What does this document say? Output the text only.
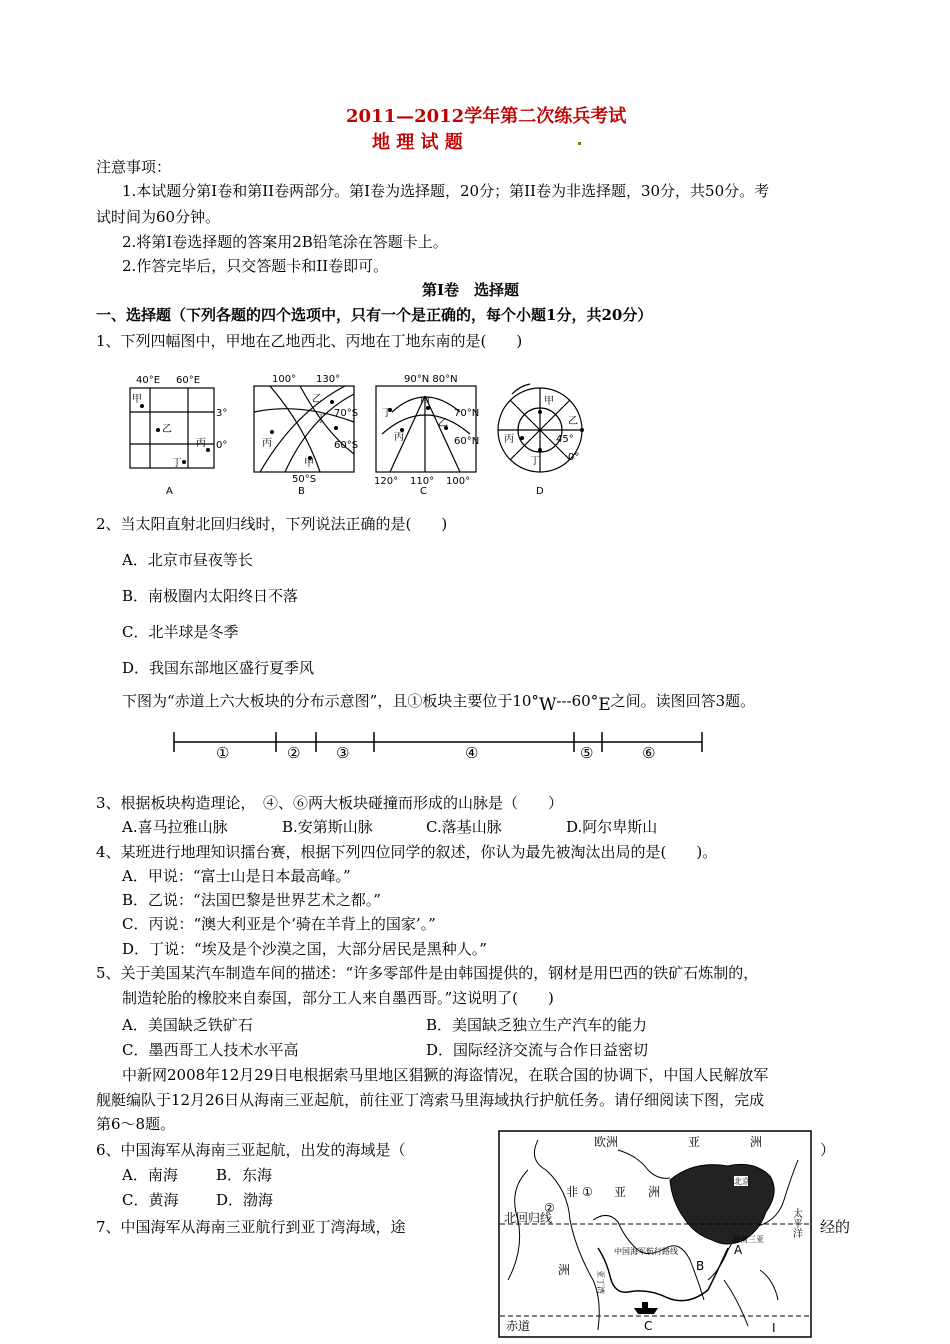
2011—2012学年第二次练兵考试
地 理 试 题
注意事项：
1.本试题分第I卷和第II卷两部分。第I卷为选择题，20分；第II卷为非选择题，30分，共50分。考
试时间为60分钟。
2.将第I卷选择题的答案用2B铅笔涂在答题卡上。
2.作答完毕后，只交答题卡和II卷即可。
第I卷　选择题
一、选择题（下列各题的四个选项中，只有一个是正确的，每个小题1分，共20分）
1、下列四幅图中，甲地在乙地西北、丙地在丁地东南的是(　　)
40°E 60°E
3°
0°
甲
乙
丙
丁
A
100° 130°
70°S
60°S
50°S
甲
乙
丙
丁
B
90°N 80°N
70°N
60°N
120° 110° 100°
甲
乙
丙
丁
C
甲
乙
丙
丁
45°
0°
D
2、当太阳直射北回归线时，下列说法正确的是(　　)
A．北京市昼夜等长
B．南极圈内太阳终日不落
C．北半球是冬季
D．我国东部地区盛行夏季风
下图为“赤道上六大板块的分布示意图”，且①板块主要位于10°W---60°E之间。读图回答3题。
①	② ③	④	⑤	⑥
3、根据板块构造理论，　④、⑥两大板块碰撞而形成的山脉是（　　）
A.喜马拉雅山脉	B.安第斯山脉	C.落基山脉	D.阿尔卑斯山
4、某班进行地理知识擂台赛，根据下列四位同学的叙述，你认为最先被淘汰出局的是(　　)。
A．甲说：“富士山是日本最高峰。”
B．乙说：“法国巴黎是世界艺术之都。”
C．丙说：“澳大利亚是个‘骑在羊背上的国家’。”
D．丁说：“埃及是个沙漠之国，大部分居民是黑种人。”
5、关于美国某汽车制造车间的描述：“许多零部件是由韩国提供的，钢材是用巴西的铁矿石炼制的，
制造轮胎的橡胶来自泰国，部分工人来自墨西哥。”这说明了(　　)
A．美国缺乏铁矿石	B．美国缺乏独立生产汽车的能力
C．墨西哥工人技术水平高	D．国际经济交流与合作日益密切
中新网2008年12月29日电根据索马里地区猖獗的海盗情况，在联合国的协调下，中国人民解放军
舰艇编队于12月26日从海南三亚起航，前往亚丁湾索马里海域执行护航任务。请仔细阅读下图，完成
第6～8题。
6、中国海军从海南三亚起航，出发的海域是（	）
A．南海	B．东海
C．黄海	D．渤海
7、中国海军从海南三亚航行到亚丁湾海域，途	经的
欧洲	亚	洲
非 ① 亚 洲
②
北回归线
洲
赤道
A
B
C	I
北京
海南三亚
中国海军航行路线
亚丁湾
太平洋
